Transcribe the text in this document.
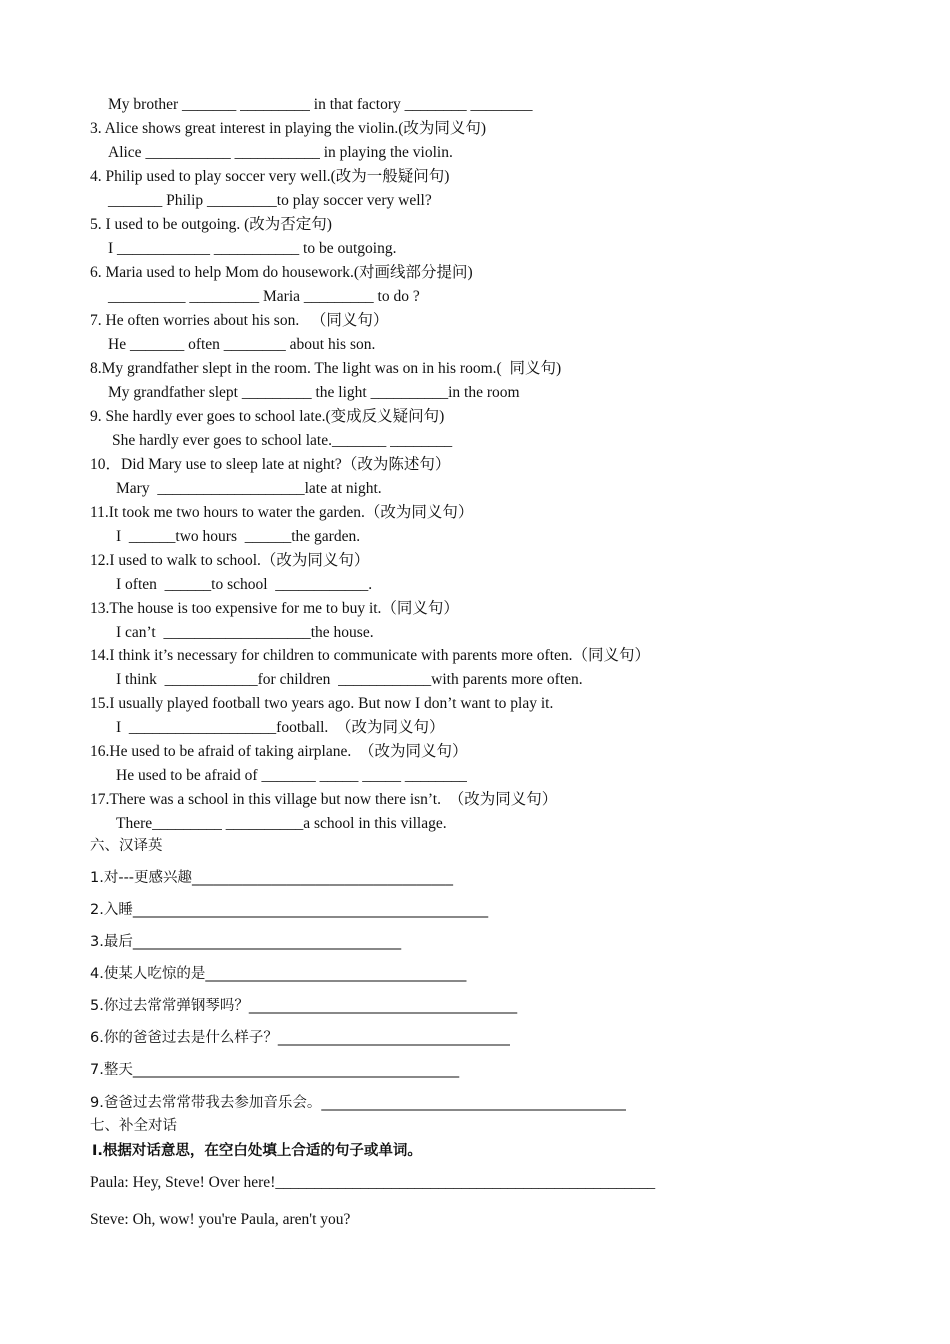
My brother _______ _________ in that factory ________ ________
3. Alice shows great interest in playing the violin.(改为同义句)
Alice ___________ ___________ in playing the violin.
4. Philip used to play soccer very well.(改为一般疑问句)
_______ Philip _________to play soccer very well?
5. I used to be outgoing. (改为否定句)
I ____________ ___________ to be outgoing.
6. Maria used to help Mom do housework.(对画线部分提问)
__________ _________ Maria _________ to do ?
7. He often worries about his son.   （同义句）
He _______ often ________ about his son.
8.My grandfather slept in the room. The light was on in his room.(  同义句)
My grandfather slept _________ the light __________in the room
9. She hardly ever goes to school late.(变成反义疑问句)
She hardly ever goes to school late._______ ________
10．Did Mary use to sleep late at night?（改为陈述句）
Mary  ___________________late at night.
11.It took me two hours to water the garden.（改为同义句）
I  ______two hours  ______the garden.
12.I used to walk to school.（改为同义句）
I often  ______to school  ____________.
13.The house is too expensive for me to buy it.（同义句）
I can’t  ___________________the house.
14.I think it’s necessary for children to communicate with parents more often.（同义句）
I think  ____________for children  ____________with parents more often.
15.I usually played football two years ago. But now I don’t want to play it.
I  ___________________football.  （改为同义句）
16.He used to be afraid of taking airplane.  （改为同义句）
He used to be afraid of _______ _____ _____ ________
17.There was a school in this village but now there isn’t.  （改为同义句）
There_________ __________a school in this village.
六、汉译英
1.对---更感兴趣____________________________________
2.入睡_________________________________________________
3.最后_____________________________________
4.使某人吃惊的是____________________________________
5.你过去常常弹钢琴吗？_____________________________________
6.你的爸爸过去是什么样子？________________________________
7.整天_____________________________________________
9.爸爸过去常常带我去参加音乐会。__________________________________________
七、补全对话
Ⅰ.根据对话意思，在空白处填上合适的句子或单词。
Paula: Hey, Steve! Over here!_________________________________________________
Steve: Oh, wow! you're Paula, aren't you?
